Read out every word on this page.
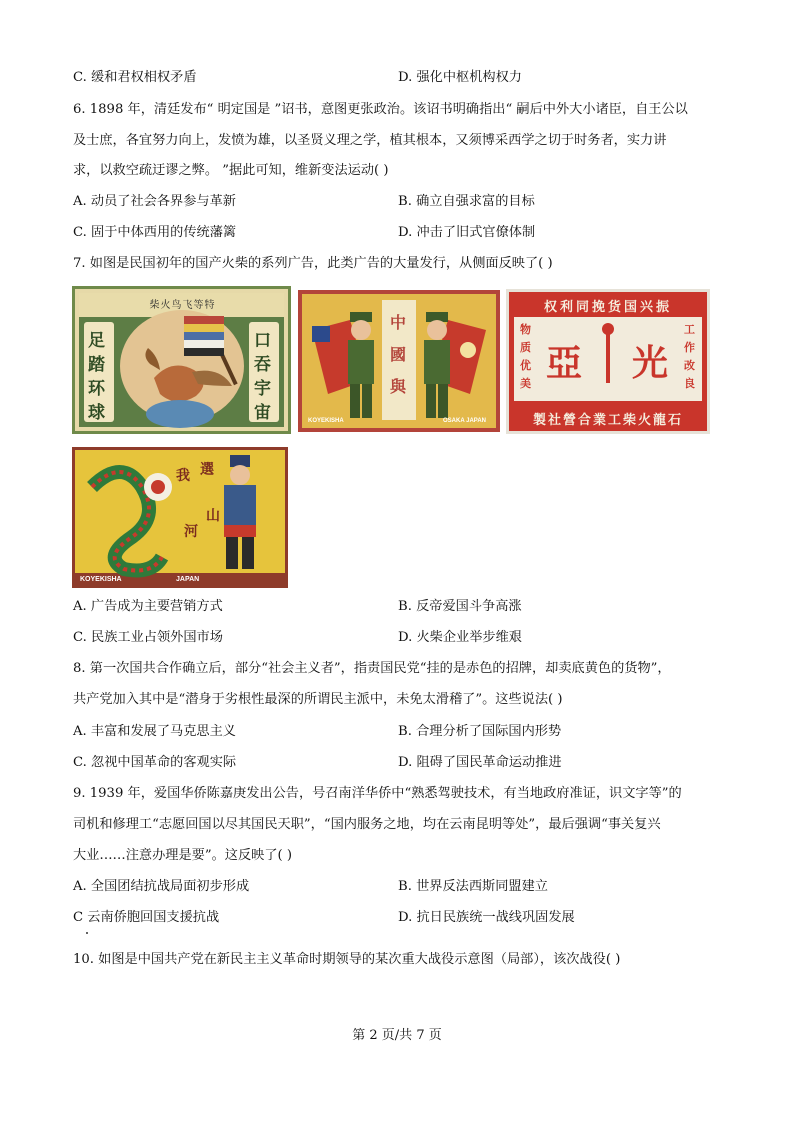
C. 缓和君权相权矛盾	D. 强化中枢机构权力
6. 1898 年，清廷发布“ 明定国是 ”诏书，意图更张政治。该诏书明确指出“ 嗣后中外大小诸臣，自王公以
及士庶，各宜努力向上，发愤为雄，以圣贤义理之学，植其根本，又须博采西学之切于时务者，实力讲
求，以救空疏迂谬之弊。 ”据此可知，维新变法运动( )
A. 动员了社会各界参与革新	B. 确立自强求富的目标
C. 固于中体西用的传统藩篱	D. 冲击了旧式官僚体制
7. 如图是民国初年的国产火柴的系列广告，此类广告的大量发行，从侧面反映了( )
柴火鸟飞等特
足
踏
环
球
口
吞
宇
宙
中
國
與
KOYEKISHA	OSAKA JAPAN
权利同挽货国兴振
物
质
优
美
工
作
改
良
亞 光
製社營合業工柴火龍石
我 選
河
山
KOYEKISHA	JAPAN
A. 广告成为主要营销方式	B. 反帝爱国斗争高涨
C. 民族工业占领外国市场	D. 火柴企业举步维艰
8. 第一次国共合作确立后，部分“社会主义者”，指责国民党“挂的是赤色的招牌，却卖底黄色的货物”，
共产党加入其中是“潜身于劣根性最深的所谓民主派中，未免太滑稽了”。这些说法( )
A. 丰富和发展了马克思主义	B. 合理分析了国际国内形势
C. 忽视中国革命的客观实际	D. 阻碍了国民革命运动推进
9. 1939 年，爱国华侨陈嘉庚发出公告，号召南洋华侨中“熟悉驾驶技术，有当地政府准证，识文字等”的
司机和修理工“志愿回国以尽其国民天职”，“国内服务之地，均在云南昆明等处”，最后强调“事关复兴
大业……注意办理是要”。这反映了( )
A. 全国团结抗战局面初步形成	B. 世界反法西斯同盟建立
C 云南侨胞回国支援抗战	D. 抗日民族统一战线巩固发展
10. 如图是中国共产党在新民主主义革命时期领导的某次重大战役示意图（局部），该次战役( )
第 2 页/共 7 页
